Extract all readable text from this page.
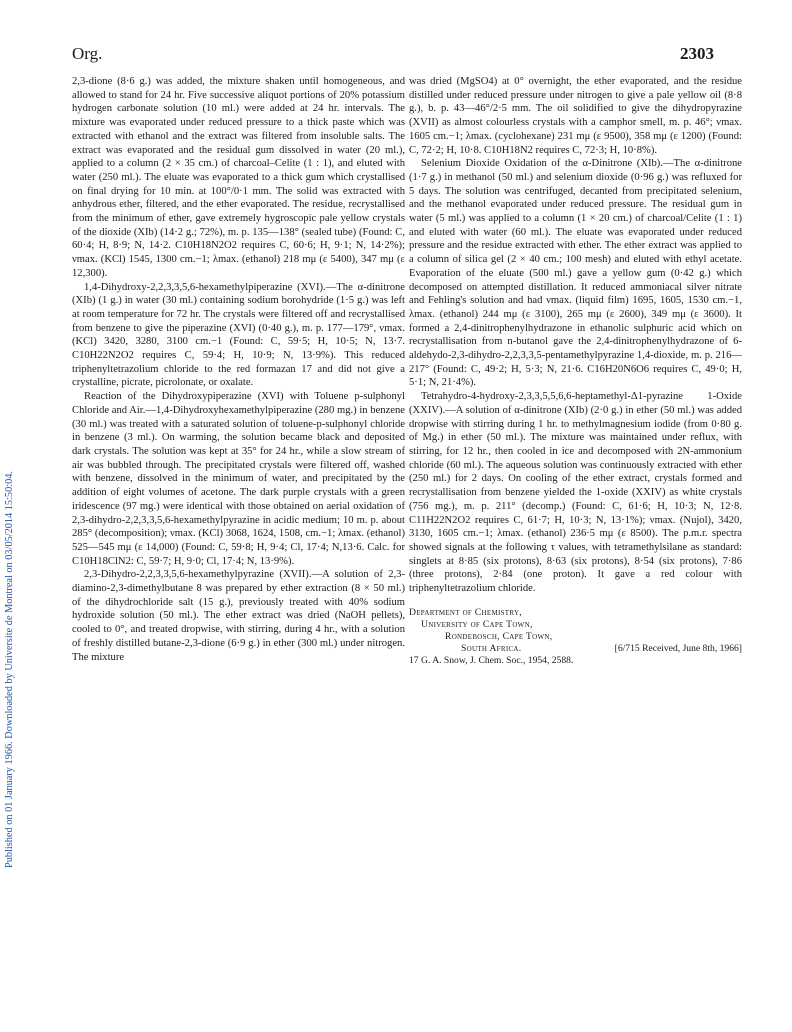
Org.	2303
Published on 01 January 1966. Downloaded by Universite de Montreal on 03/05/2014 15:50:04.

2,3-dione (8·6 g.) was added, the mixture shaken until homogeneous, and allowed to stand for 24 hr. Five successive aliquot portions of 20% potassium hydrogen carbonate solution (10 ml.) were added at 24 hr. intervals. The mixture was evaporated under reduced pressure to a thick paste which was extracted with ethanol and the extract was filtered from insoluble salts. The extract was evaporated and the residual gum dissolved in water (20 ml.), applied to a column (2 × 35 cm.) of charcoal–Celite (1 : 1), and eluted with water (250 ml.). The eluate was evaporated to a thick gum which crystallised on final drying for 10 min. at 100°/0·1 mm. The solid was extracted with anhydrous ether, filtered, and the ether evaporated. The residue, recrystallised from the minimum of ether, gave extremely hygroscopic pale yellow crystals of the dioxide (XIb) (14·2 g.; 72%), m. p. 135—138° (sealed tube) (Found: C, 60·4; H, 8·9; N, 14·2. C10H18N2O2 requires C, 60·6; H, 9·1; N, 14·2%); νmax. (KCl) 1545, 1300 cm.−1; λmax. (ethanol) 218 mμ (ε 5400), 347 mμ (ε 12,300).

1,4-Dihydroxy-2,2,3,3,5,6-hexamethylpiperazine (XVI).—The α-dinitrone (XIb) (1 g.) in water (30 ml.) containing sodium borohydride (1·5 g.) was left at room temperature for 72 hr. The crystals were filtered off and recrystallised from benzene to give the piperazine (XVI) (0·40 g.), m. p. 177—179°, νmax. (KCl) 3420, 3280, 3100 cm.−1 (Found: C, 59·5; H, 10·5; N, 13·7. C10H22N2O2 requires C, 59·4; H, 10·9; N, 13·9%). This reduced triphenyltetrazolium chloride to the red formazan 17 and did not give a crystalline, picrate, picrolonate, or oxalate.

Reaction of the Dihydroxypiperazine (XVI) with Toluene p-sulphonyl Chloride and Air.—1,4-Dihydroxyhexamethylpiperazine (280 mg.) in benzene (30 ml.) was treated with a saturated solution of toluene-p-sulphonyl chloride in benzene (3 ml.). On warming, the solution became black and deposited dark crystals. The solution was kept at 35° for 24 hr., while a slow stream of air was bubbled through. The precipitated crystals were filtered off, washed with benzene, dissolved in the minimum of water, and precipitated by the addition of eight volumes of acetone. The dark purple crystals with a green iridescence (97 mg.) were identical with those obtained on aerial oxidation of 2,3-dihydro-2,2,3,3,5,6-hexamethylpyrazine in acidic medium; 10 m. p. about 285° (decomposition); νmax. (KCl) 3068, 1624, 1508, cm.−1; λmax. (ethanol) 525—545 mμ (ε 14,000) (Found: C, 59·8; H, 9·4; Cl, 17·4; N,13·6. Calc. for C10H18ClN2: C, 59·7; H, 9·0; Cl, 17·4; N, 13·9%).

2,3-Dihydro-2,2,3,3,5,6-hexamethylpyrazine (XVII).—A solution of 2,3-diamino-2,3-dimethylbutane 8 was prepared by ether extraction (8 × 50 ml.) of the dihydrochloride salt (15 g.), previously treated with 40% sodium hydroxide solution (50 ml.). The ether extract was dried (NaOH pellets), cooled to 0°, and treated dropwise, with stirring, during 4 hr., with a solution of freshly distilled butane-2,3-dione (6·9 g.) in ether (300 ml.) under nitrogen. The mixture

was dried (MgSO4) at 0° overnight, the ether evaporated, and the residue distilled under reduced pressure under nitrogen to give a pale yellow oil (8·8 g.), b. p. 43—46°/2·5 mm. The oil solidified to give the dihydropyrazine (XVII) as almost colourless crystals with a camphor smell, m. p. 46°; νmax. 1605 cm.−1; λmax. (cyclohexane) 231 mμ (ε 9500), 358 mμ (ε 1200) (Found: C, 72·2; H, 10·8. C10H18N2 requires C, 72·3; H, 10·8%).

Selenium Dioxide Oxidation of the α-Dinitrone (XIb).—The α-dinitrone (1·7 g.) in methanol (50 ml.) and selenium dioxide (0·96 g.) was refluxed for 5 days. The solution was centrifuged, decanted from precipitated selenium, and the methanol evaporated under reduced pressure. The residual gum in water (5 ml.) was applied to a column (1 × 20 cm.) of charcoal/Celite (1 : 1) and eluted with water (60 ml.). The eluate was evaporated under reduced pressure and the residue extracted with ether. The ether extract was applied to a column of silica gel (2 × 40 cm.; 100 mesh) and eluted with ethyl acetate. Evaporation of the eluate (500 ml.) gave a yellow gum (0·42 g.) which decomposed on attempted distillation. It reduced ammoniacal silver nitrate and Fehling's solution and had νmax. (liquid film) 1695, 1605, 1530 cm.−1, λmax. (ethanol) 244 mμ (ε 3100), 265 mμ (ε 2600), 349 mμ (ε 3600). It formed a 2,4-dinitrophenylhydrazone in ethanolic sulphuric acid which on recrystallisation from n-butanol gave the 2,4-dinitrophenylhydrazone of 6-aldehydo-2,3-dihydro-2,2,3,3,5-pentamethylpyrazine 1,4-dioxide, m. p. 216—217° (Found: C, 49·2; H, 5·3; N, 21·6. C16H20N6O6 requires C, 49·0; H, 5·1; N, 21·4%).

Tetrahydro-4-hydroxy-2,3,3,5,5,6,6-heptamethyl-Δ1-pyrazine 1-Oxide (XXIV).—A solution of α-dinitrone (XIb) (2·0 g.) in ether (50 ml.) was added dropwise with stirring during 1 hr. to methylmagnesium iodide (from 0·80 g. of Mg.) in ether (50 ml.). The mixture was maintained under reflux, with stirring, for 12 hr., then cooled in ice and decomposed with 2N-ammonium chloride (60 ml.). The aqueous solution was continuously extracted with ether (250 ml.) for 2 days. On cooling of the ether extract, crystals formed and recrystallisation from benzene yielded the 1-oxide (XXIV) as white crystals (756 mg.), m. p. 211° (decomp.) (Found: C, 61·6; H, 10·3; N, 12·8. C11H22N2O2 requires C, 61·7; H, 10·3; N, 13·1%); νmax. (Nujol), 3420, 3130, 1605 cm.−1; λmax. (ethanol) 236·5 mμ (ε 8500). The p.m.r. spectra showed signals at the following τ values, with tetramethylsilane as standard: singlets at 8·85 (six protons), 8·63 (six protons), 8·54 (six protons), 7·86 (three protons), 2·84 (one proton). It gave a red colour with triphenyltetrazolium chloride.

Department of Chemistry,
University of Cape Town,
Rondebosch, Cape Town,
South Africa.	[6/715 Received, June 8th, 1966]

17 G. A. Snow, J. Chem. Soc., 1954, 2588.
